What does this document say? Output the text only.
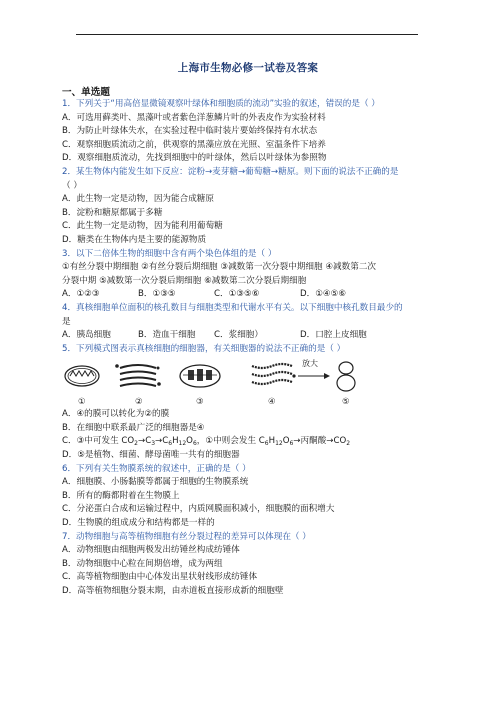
上海市生物必修一试卷及答案
一、单选题
1．下列关于“用高倍显微镜观察叶绿体和细胞质的流动”实验的叙述，错误的是（ ）
A．可选用藓类叶、黑藻叶或者紫色洋葱鳞片叶的外表皮作为实验材料
B．为防止叶绿体失水，在实验过程中临时装片要始终保持有水状态
C．观察细胞质流动之前，供观察的黑藻应放在光照、室温条件下培养
D．观察细胞质流动，先找到细胞中的叶绿体，然后以叶绿体为参照物
2．某生物体内能发生如下反应：淀粉→麦芽糖→葡萄糖→糖原。则下面的说法不正确的是
（ ）
A．此生物一定是动物，因为能合成糖原
B．淀粉和糖原都属于多糖
C．此生物一定是动物，因为能利用葡萄糖
D．糖类在生物体内是主要的能源物质
3．以下二倍体生物的细胞中含有两个染色体组的是（ ）
①有丝分裂中期细胞 ②有丝分裂后期细胞 ③减数第一次分裂中期细胞 ④减数第二次
分裂中期 ⑤减数第一次分裂后期细胞 ⑥减数第二次分裂后期细胞
A．①②③	B．①③⑤	C．①③⑤⑥	D．①④⑤⑥
4．真核细胞单位面积的核孔数目与细胞类型和代谢水平有关。以下细胞中核孔数目最少的
是
A．胰岛细胞	B．造血干细胞	C．浆细胞）	D．口腔上皮细胞
5．下列模式图表示真核细胞的细胞器，有关细胞器的说法不正确的是（ ）
放大
①	②	③	④	⑤
A．④的膜可以转化为②的膜
B．在细胞中联系最广泛的细胞器是④
C．③中可发生 $CO_2\to C_3\to C_6H_{12}O_6$，①中则会发生 $C_6H_{12}O_6\to$丙酮酸$\to CO_2$
D．⑤是植物、细菌、酵母菌唯一共有的细胞器
6．下列有关生物膜系统的叙述中，正确的是（ ）
A．细胞膜、小肠黏膜等都属于细胞的生物膜系统
B．所有的酶都附着在生物膜上
C．分泌蛋白合成和运输过程中，内质网膜面积减小，细胞膜的面积增大
D．生物膜的组成成分和结构都是一样的
7．动物细胞与高等植物细胞有丝分裂过程的差异可以体现在（ ）
A．动物细胞由细胞两极发出纺锤丝构成纺锤体
B．动物细胞中心粒在间期倍增，成为两组
C．高等植物细胞由中心体发出星状射线形成纺锤体
D．高等植物细胞分裂末期，由赤道板直接形成新的细胞壁
